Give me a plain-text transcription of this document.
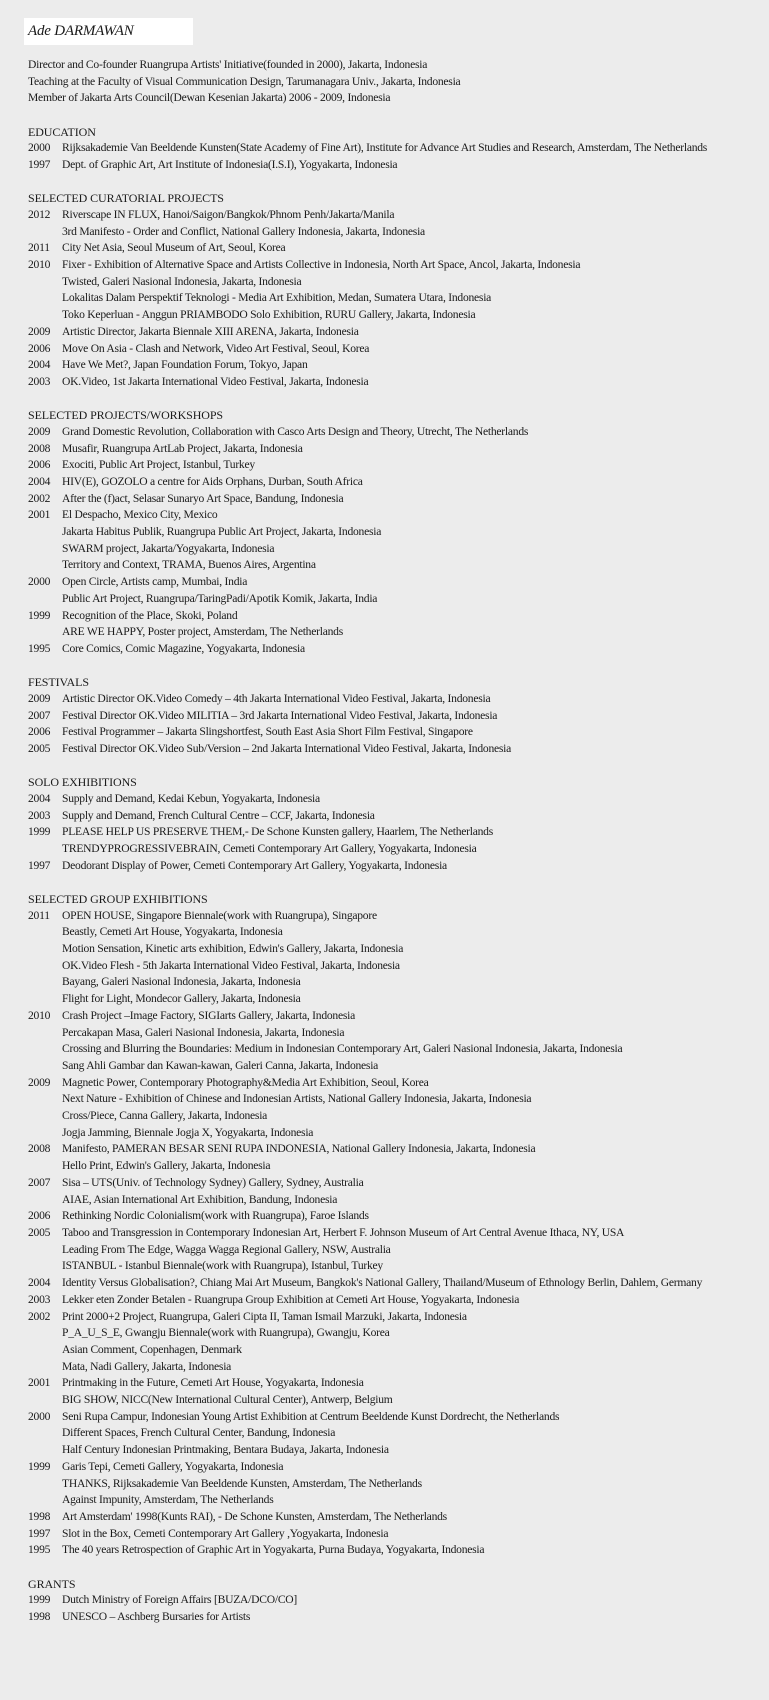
Ade DARMAWAN
Director and Co-founder Ruangrupa Artists' Initiative(founded in 2000), Jakarta, Indonesia
Teaching at the Faculty of Visual Communication Design, Tarumanagara Univ., Jakarta, Indonesia
Member of Jakarta Arts Council(Dewan Kesenian Jakarta) 2006 - 2009, Indonesia
EDUCATION
2000	Rijksakademie Van Beeldende Kunsten(State Academy of Fine Art), Institute for Advance Art Studies and Research, Amsterdam, The Netherlands
1997	Dept. of Graphic Art, Art Institute of Indonesia(I.S.I), Yogyakarta, Indonesia
SELECTED CURATORIAL PROJECTS
2012	Riverscape IN FLUX, Hanoi/Saigon/Bangkok/Phnom Penh/Jakarta/Manila
3rd Manifesto - Order and Conflict, National Gallery Indonesia, Jakarta, Indonesia
2011	City Net Asia, Seoul Museum of Art, Seoul, Korea
2010	Fixer - Exhibition of Alternative Space and Artists Collective in Indonesia, North Art Space, Ancol, Jakarta, Indonesia
Twisted, Galeri Nasional Indonesia, Jakarta, Indonesia
Lokalitas Dalam Perspektif Teknologi - Media Art Exhibition, Medan, Sumatera Utara, Indonesia
Toko Keperluan - Anggun PRIAMBODO Solo Exhibition, RURU Gallery, Jakarta, Indonesia
2009	Artistic Director, Jakarta Biennale XIII ARENA, Jakarta, Indonesia
2006	Move On Asia - Clash and Network, Video Art Festival, Seoul, Korea
2004	Have We Met?, Japan Foundation Forum, Tokyo, Japan
2003	OK.Video, 1st Jakarta International Video Festival, Jakarta, Indonesia
SELECTED PROJECTS/WORKSHOPS
2009	Grand Domestic Revolution, Collaboration with Casco Arts Design and Theory, Utrecht, The Netherlands
2008	Musafir, Ruangrupa ArtLab Project, Jakarta, Indonesia
2006	Exociti, Public Art Project, Istanbul, Turkey
2004	HIV(E), GOZOLO a centre for Aids Orphans, Durban, South Africa
2002	After the (f)act, Selasar Sunaryo Art Space, Bandung, Indonesia
2001	El Despacho, Mexico City, Mexico
Jakarta Habitus Publik, Ruangrupa Public Art Project, Jakarta, Indonesia
SWARM project, Jakarta/Yogyakarta, Indonesia
Territory and Context, TRAMA, Buenos Aires, Argentina
2000	Open Circle, Artists camp, Mumbai, India
Public Art Project, Ruangrupa/TaringPadi/Apotik Komik, Jakarta, India
1999	Recognition of the Place, Skoki, Poland
ARE WE HAPPY, Poster project, Amsterdam, The Netherlands
1995	Core Comics, Comic Magazine, Yogyakarta, Indonesia
FESTIVALS
2009	Artistic Director OK.Video Comedy – 4th Jakarta International Video Festival, Jakarta, Indonesia
2007	Festival Director OK.Video MILITIA – 3rd Jakarta International Video Festival, Jakarta, Indonesia
2006	Festival Programmer – Jakarta Slingshortfest, South East Asia Short Film Festival, Singapore
2005	Festival Director OK.Video Sub/Version – 2nd Jakarta International Video Festival, Jakarta, Indonesia
SOLO EXHIBITIONS
2004	Supply and Demand, Kedai Kebun, Yogyakarta, Indonesia
2003	Supply and Demand, French Cultural Centre – CCF, Jakarta, Indonesia
1999	PLEASE HELP US PRESERVE THEM,- De Schone Kunsten gallery, Haarlem, The Netherlands
TRENDYPROGRESSIVEBRAIN, Cemeti Contemporary Art Gallery, Yogyakarta, Indonesia
1997	Deodorant Display of Power, Cemeti Contemporary Art Gallery, Yogyakarta, Indonesia
SELECTED GROUP EXHIBITIONS
2011	OPEN HOUSE, Singapore Biennale(work with Ruangrupa), Singapore
Beastly, Cemeti Art House, Yogyakarta, Indonesia
Motion Sensation, Kinetic arts exhibition, Edwin's Gallery, Jakarta, Indonesia
OK.Video Flesh - 5th Jakarta International Video Festival, Jakarta, Indonesia
Bayang, Galeri Nasional Indonesia, Jakarta, Indonesia
Flight for Light, Mondecor Gallery, Jakarta, Indonesia
2010	Crash Project –Image Factory, SIGIarts Gallery, Jakarta, Indonesia
Percakapan Masa, Galeri Nasional Indonesia, Jakarta, Indonesia
Crossing and Blurring the Boundaries: Medium in Indonesian Contemporary Art, Galeri Nasional Indonesia, Jakarta, Indonesia
Sang Ahli Gambar dan Kawan-kawan, Galeri Canna, Jakarta, Indonesia
2009	Magnetic Power, Contemporary Photography&Media Art Exhibition, Seoul, Korea
Next Nature - Exhibition of Chinese and Indonesian Artists, National Gallery Indonesia, Jakarta, Indonesia
Cross/Piece, Canna Gallery, Jakarta, Indonesia
Jogja Jamming, Biennale Jogja X, Yogyakarta, Indonesia
2008	Manifesto, PAMERAN BESAR SENI RUPA INDONESIA, National Gallery Indonesia, Jakarta, Indonesia
Hello Print, Edwin's Gallery, Jakarta, Indonesia
2007	Sisa – UTS(Univ. of Technology Sydney) Gallery, Sydney, Australia
AIAE, Asian International Art Exhibition, Bandung, Indonesia
2006	Rethinking Nordic Colonialism(work with Ruangrupa), Faroe Islands
2005	Taboo and Transgression in Contemporary Indonesian Art, Herbert F. Johnson Museum of Art Central Avenue Ithaca, NY, USA
Leading From The Edge, Wagga Wagga Regional Gallery, NSW, Australia
ISTANBUL - Istanbul Biennale(work with Ruangrupa), Istanbul, Turkey
2004	Identity Versus Globalisation?, Chiang Mai Art Museum, Bangkok's National Gallery, Thailand/Museum of Ethnology Berlin, Dahlem, Germany
2003	Lekker eten Zonder Betalen - Ruangrupa Group Exhibition at Cemeti Art House, Yogyakarta, Indonesia
2002	Print 2000+2 Project, Ruangrupa, Galeri Cipta II, Taman Ismail Marzuki, Jakarta, Indonesia
P_A_U_S_E, Gwangju Biennale(work with Ruangrupa), Gwangju, Korea
Asian Comment, Copenhagen, Denmark
Mata, Nadi Gallery, Jakarta, Indonesia
2001	Printmaking in the Future, Cemeti Art House, Yogyakarta, Indonesia
BIG SHOW, NICC(New International Cultural Center), Antwerp, Belgium
2000	Seni Rupa Campur, Indonesian Young Artist Exhibition at Centrum Beeldende Kunst Dordrecht, the Netherlands
Different Spaces, French Cultural Center, Bandung, Indonesia
Half Century Indonesian Printmaking, Bentara Budaya, Jakarta, Indonesia
1999	Garis Tepi, Cemeti Gallery, Yogyakarta, Indonesia
THANKS, Rijksakademie Van Beeldende Kunsten, Amsterdam, The Netherlands
Against Impunity, Amsterdam, The Netherlands
1998	Art Amsterdam' 1998(Kunts RAI), - De Schone Kunsten, Amsterdam, The Netherlands
1997	Slot in the Box, Cemeti Contemporary Art Gallery ,Yogyakarta, Indonesia
1995	The 40 years Retrospection of Graphic Art in Yogyakarta, Purna Budaya, Yogyakarta, Indonesia
GRANTS
1999	Dutch Ministry of Foreign Affairs [BUZA/DCO/CO]
1998	UNESCO – Aschberg Bursaries for Artists
